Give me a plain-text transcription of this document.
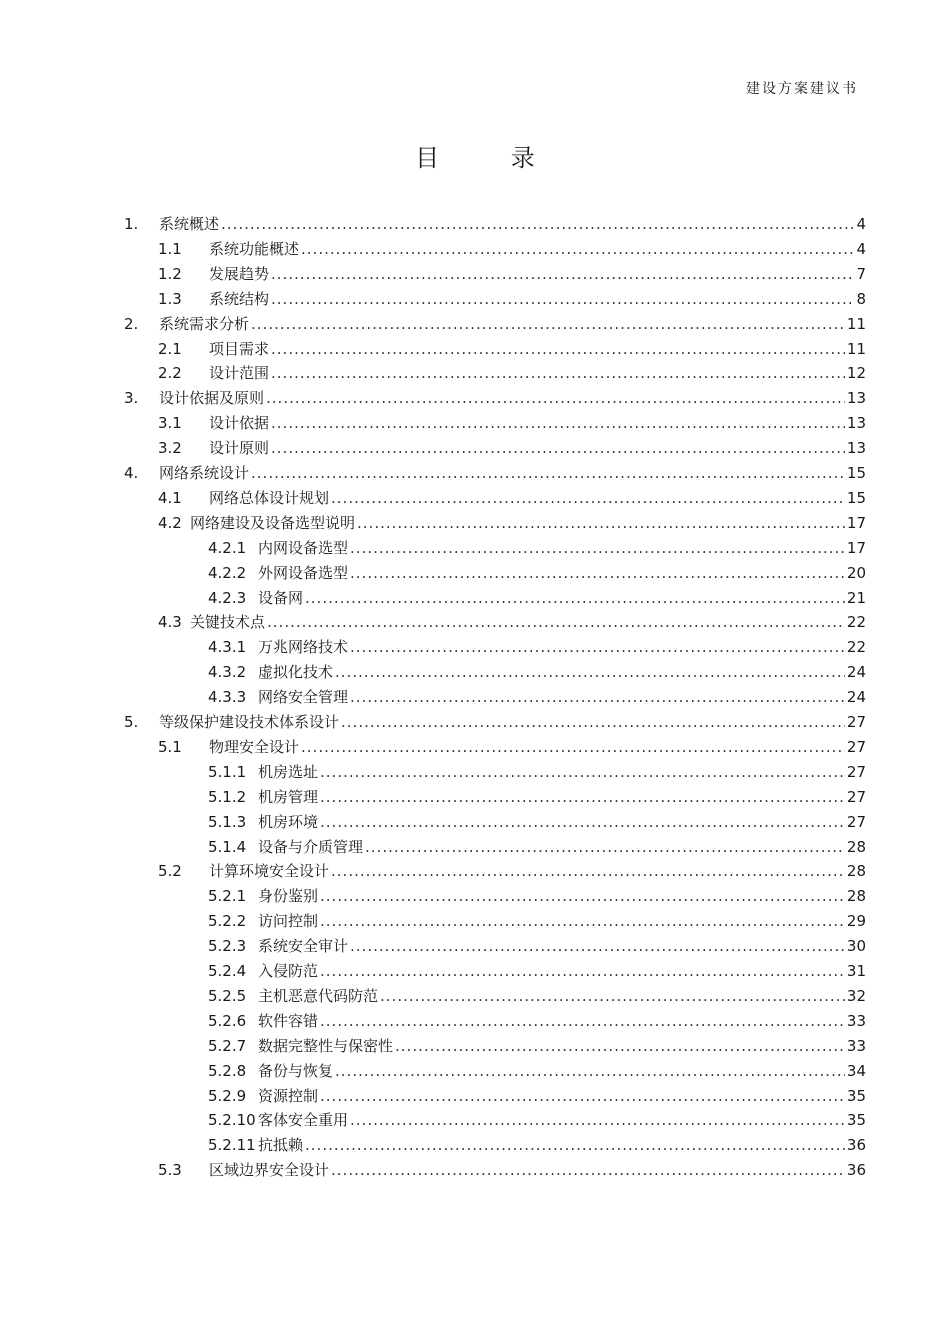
建设方案建议书
目 录
1.	系统概述 .....	4
1.1	系统功能概述 .....	4
1.2	发展趋势 .....	7
1.3	系统结构 .....	8
2.	系统需求分析 .....	11
2.1	项目需求 .....	11
2.2	设计范围 .....	12
3.	设计依据及原则 .....	13
3.1	设计依据 .....	13
3.2	设计原则 .....	13
4.	网络系统设计 .....	15
4.1	网络总体设计规划 .....	15
4.2 网络建设及设备选型说明 .....	17
4.2.1 内网设备选型 .....	17
4.2.2 外网设备选型 .....	20
4.2.3 设备网 .....	21
4.3 关键技术点 .....	22
4.3.1 万兆网络技术 .....	22
4.3.2 虚拟化技术 .....	24
4.3.3 网络安全管理 .....	24
5.	等级保护建设技术体系设计 .....	27
5.1	物理安全设计 .....	27
5.1.1 机房选址 .....	27
5.1.2 机房管理 .....	27
5.1.3 机房环境 .....	27
5.1.4 设备与介质管理 .....	28
5.2	计算环境安全设计 .....	28
5.2.1 身份鉴别 .....	28
5.2.2 访问控制 .....	29
5.2.3 系统安全审计 .....	30
5.2.4 入侵防范 .....	31
5.2.5 主机恶意代码防范 .....	32
5.2.6 软件容错 .....	33
5.2.7 数据完整性与保密性 .....	33
5.2.8 备份与恢复 .....	34
5.2.9 资源控制 .....	35
5.2.10 客体安全重用 .....	35
5.2.11 抗抵赖 .....	36
5.3	区域边界安全设计 .....	36
